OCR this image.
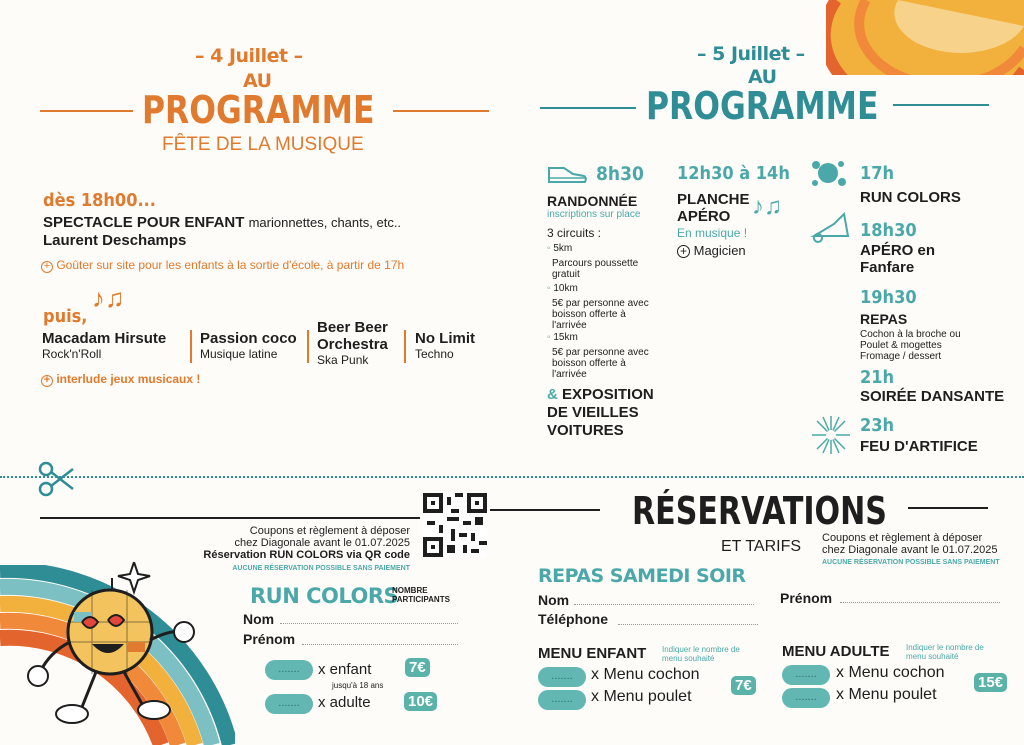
– 4 Juillet –
AU
PROGRAMME
FÊTE DE LA MUSIQUE
dès 18h00...
SPECTACLE POUR ENFANT marionnettes, chants, etc..
Laurent Deschamps
+ Goûter sur site pour les enfants à la sortie d'école, à partir de 17h
puis,
♪♫
Macadam Hirsute
Rock'n'Roll
Passion coco
Musique latine
Beer Beer Orchestra
Ska Punk
No Limit
Techno
+ interlude jeux musicaux !
– 5 Juillet –
AU
PROGRAMME
8h30
RANDONNÉE
inscriptions sur place
3 circuits :
◦ 5km
Parcours poussette gratuit
◦ 10km
5€ par personne avec boisson offerte à l'arrivée
◦ 15km
5€ par personne avec boisson offerte à l'arrivée
& EXPOSITION DE VIEILLES VOITURES
12h30 à 14h
PLANCHE APÉRO ♪♫
En musique !
+ Magicien
17h
RUN COLORS
18h30
APÉRO en Fanfare
19h30
REPAS
Cochon à la broche ou Poulet & mogettes Fromage / dessert
21h
SOIRÉE DANSANTE
23h
FEU D'ARTIFICE
Coupons et règlement à déposer
chez Diagonale avant le 01.07.2025
Réservation RUN COLORS via QR code
AUCUNE RÉSERVATION POSSIBLE SANS PAIEMENT
RUN COLORS
NOMBRE PARTICIPANTS
Nom
Prénom
.......	x enfant
jusqu'à 18 ans
7€
.......	x adulte 10€
RÉSERVATIONS
ET TARIFS Coupons et règlement à déposer
chez Diagonale avant le 01.07.2025
AUCUNE RÉSERVATION POSSIBLE SANS PAIEMENT
REPAS SAMEDI SOIR
Nom	Prénom
Téléphone
MENU ENFANT Indiquer le nombre de menu souhaité
.......	x Menu cochon
.......	x Menu poulet
7€
MENU ADULTE Indiquer le nombre de menu souhaité
.......	x Menu cochon
.......	x Menu poulet
15€
